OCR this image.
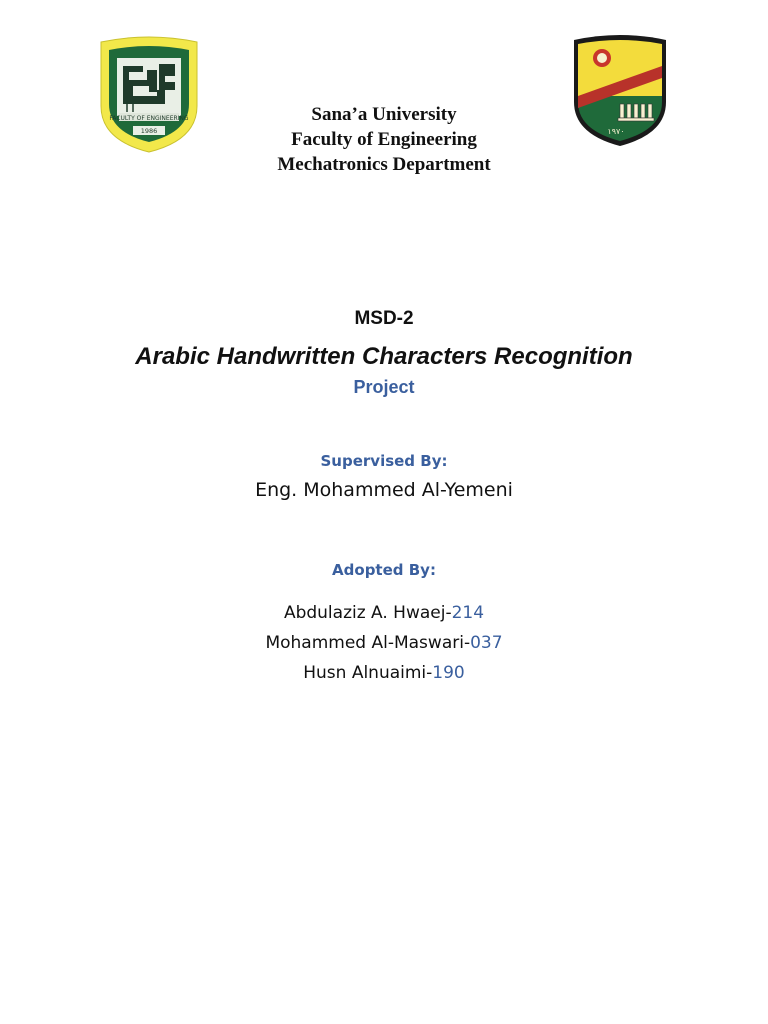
FACULTY OF ENGINEERING
1986	١٩٧٠
Sana’a University
Faculty of Engineering
Mechatronics Department
MSD-2
Arabic Handwritten Characters Recognition
Project
Supervised By:
Eng. Mohammed Al-Yemeni
Adopted By:
Abdulaziz A. Hwaej-214
Mohammed Al-Maswari-037
Husn Alnuaimi-190
